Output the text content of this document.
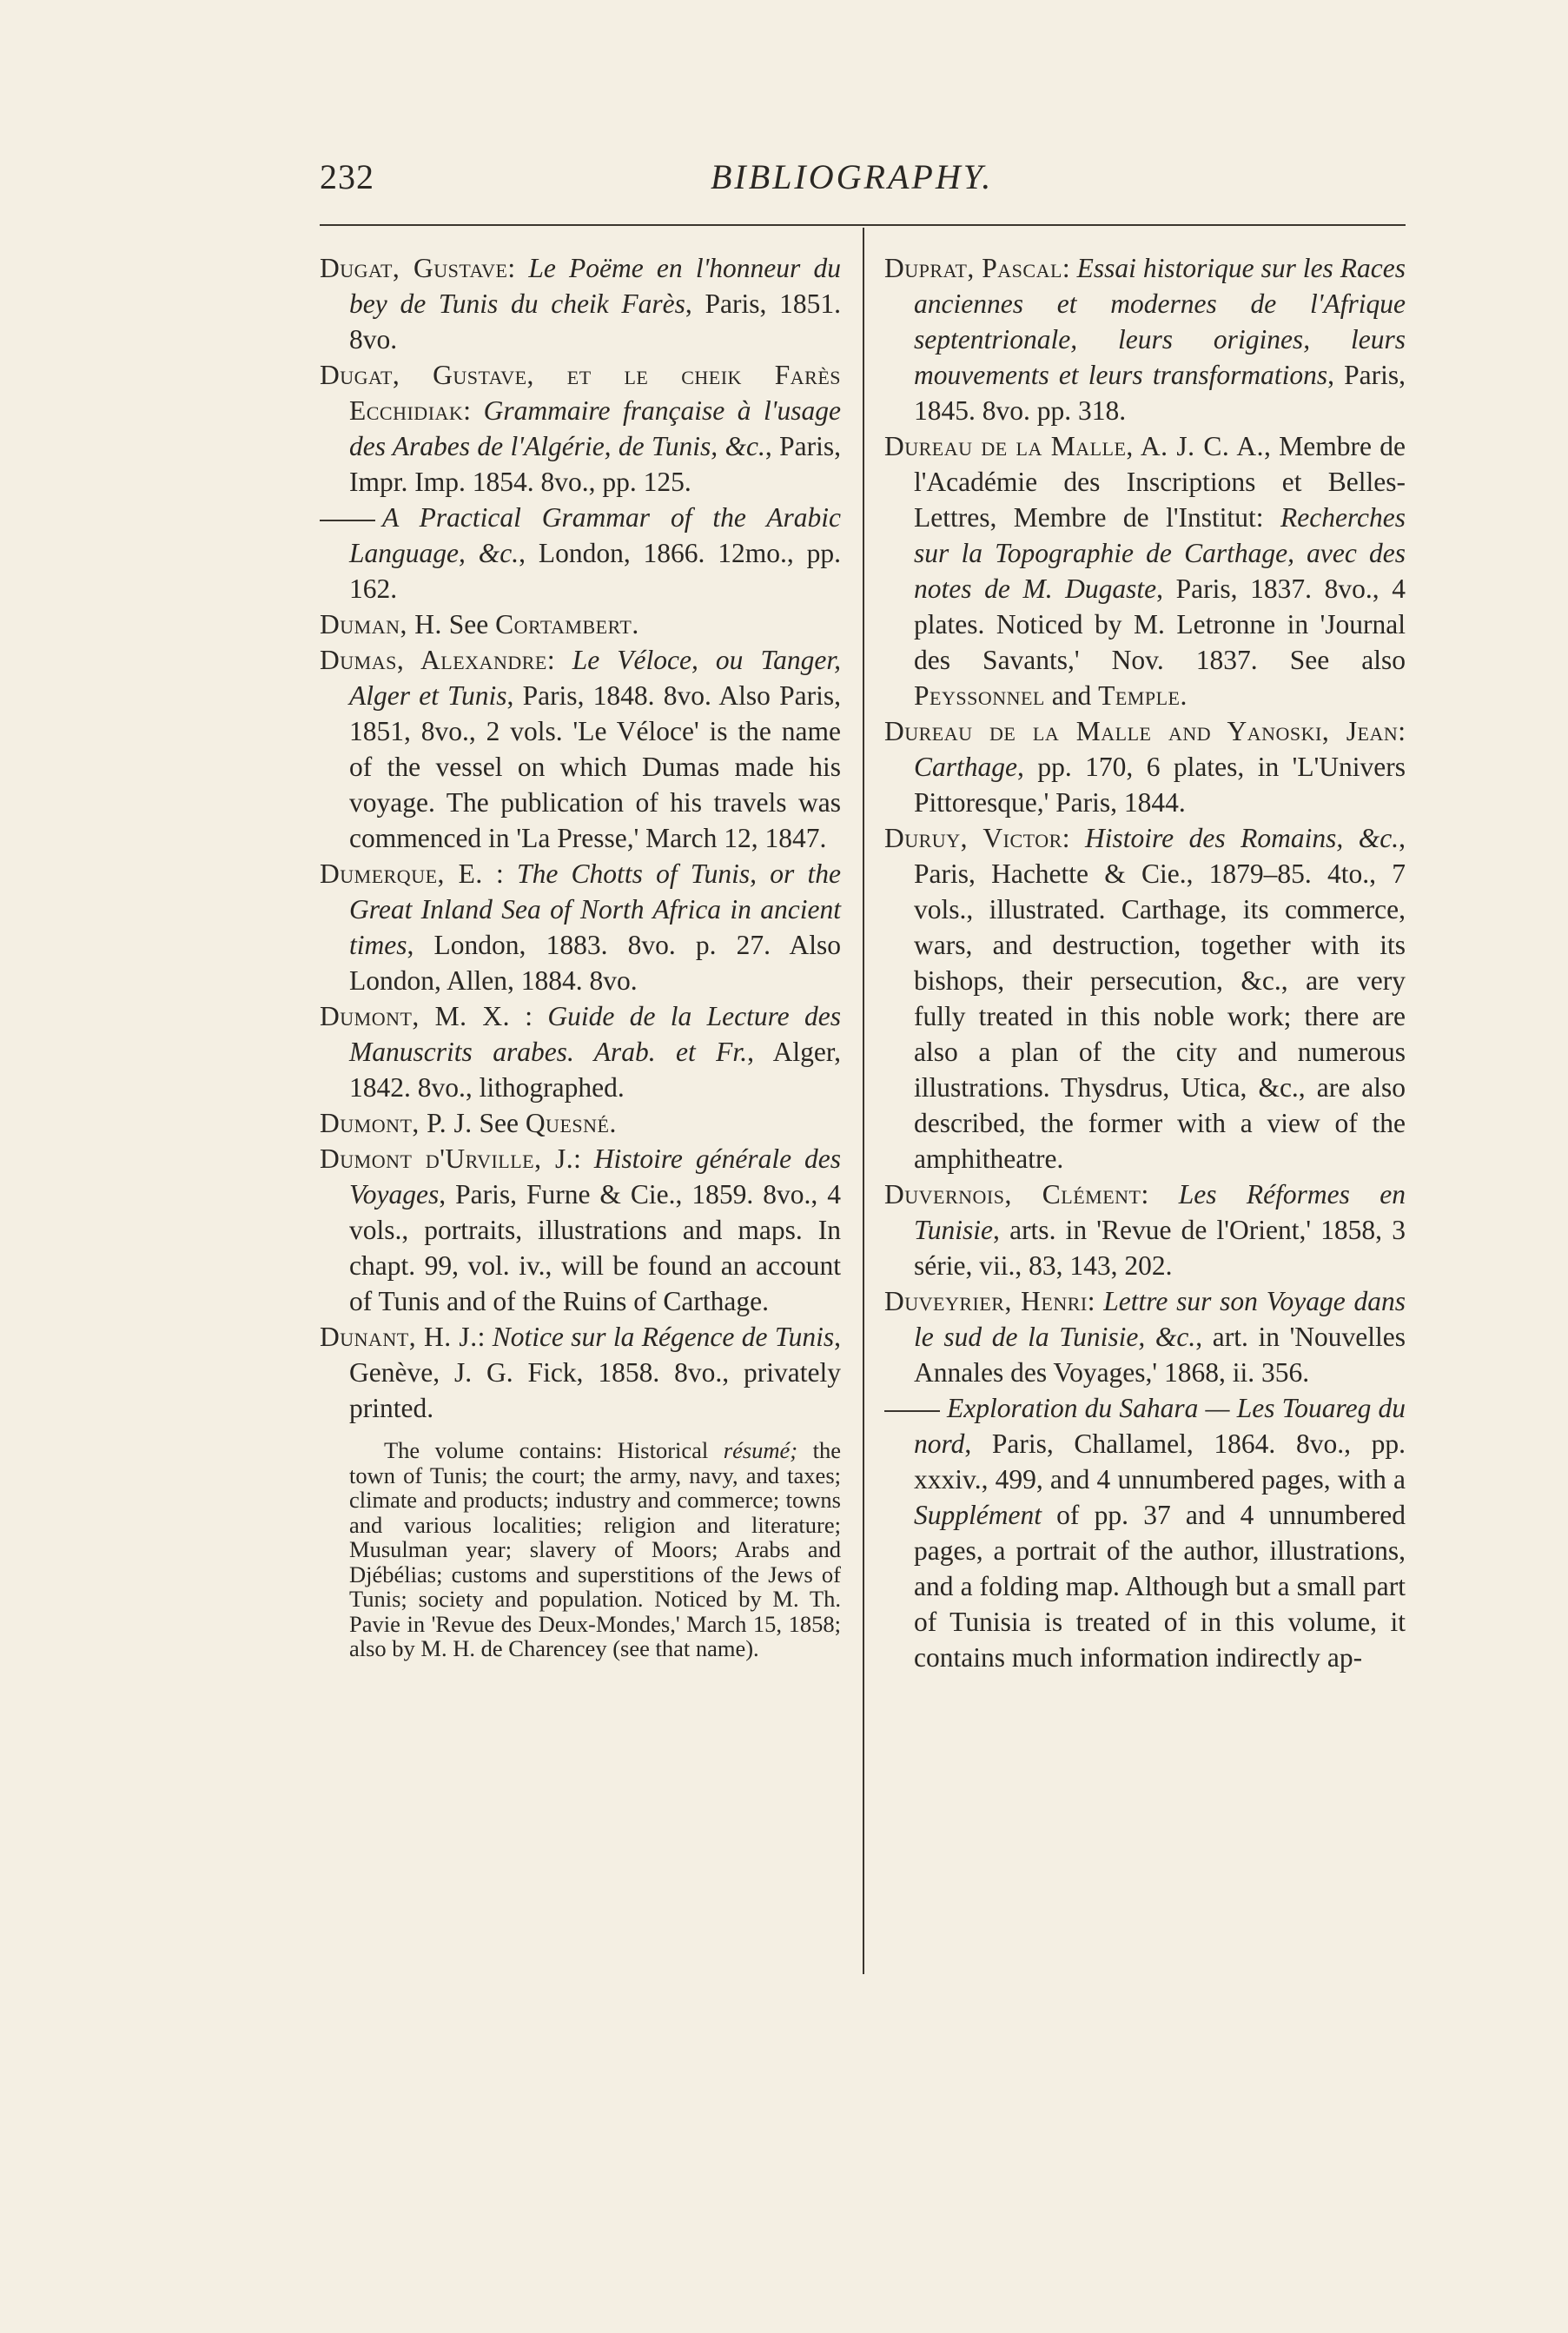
232	BIBLIOGRAPHY.

Dugat, Gustave: Le Poëme en l'honneur du bey de Tunis du cheik Farès, Paris, 1851. 8vo.

Dugat, Gustave, et le cheik Farès Ecchidiak: Grammaire française à l'usage des Arabes de l'Algérie, de Tunis, &c., Paris, Impr. Imp. 1854. 8vo., pp. 125.

A Practical Grammar of the Arabic Language, &c., London, 1866. 12mo., pp. 162.

Duman, H. See Cortambert.

Dumas, Alexandre: Le Véloce, ou Tanger, Alger et Tunis, Paris, 1848. 8vo. Also Paris, 1851, 8vo., 2 vols. 'Le Véloce' is the name of the vessel on which Dumas made his voyage. The publication of his travels was commenced in 'La Presse,' March 12, 1847.

Dumerque, E. : The Chotts of Tunis, or the Great Inland Sea of North Africa in ancient times, London, 1883. 8vo. p. 27. Also London, Allen, 1884. 8vo.

Dumont, M. X. : Guide de la Lecture des Manuscrits arabes. Arab. et Fr., Alger, 1842. 8vo., lithographed.

Dumont, P. J. See Quesné.

Dumont d'Urville, J.: Histoire générale des Voyages, Paris, Furne & Cie., 1859. 8vo., 4 vols., portraits, illustrations and maps. In chapt. 99, vol. iv., will be found an account of Tunis and of the Ruins of Carthage.

Dunant, H. J.: Notice sur la Régence de Tunis, Genève, J. G. Fick, 1858. 8vo., privately printed.

The volume contains: Historical résumé; the town of Tunis; the court; the army, navy, and taxes; climate and products; industry and commerce; towns and various localities; religion and literature; Musulman year; slavery of Moors; Arabs and Djébélias; customs and superstitions of the Jews of Tunis; society and population. Noticed by M. Th. Pavie in 'Revue des Deux-Mondes,' March 15, 1858; also by M. H. de Charencey (see that name).

Duprat, Pascal: Essai historique sur les Races anciennes et modernes de l'Afrique septentrionale, leurs origines, leurs mouvements et leurs transformations, Paris, 1845. 8vo. pp. 318.

Dureau de la Malle, A. J. C. A., Membre de l'Académie des Inscriptions et Belles-Lettres, Membre de l'Institut: Recherches sur la Topographie de Carthage, avec des notes de M. Dugaste, Paris, 1837. 8vo., 4 plates. Noticed by M. Letronne in 'Journal des Savants,' Nov. 1837. See also Peyssonnel and Temple.

Dureau de la Malle and Yanoski, Jean: Carthage, pp. 170, 6 plates, in 'L'Univers Pittoresque,' Paris, 1844.

Duruy, Victor: Histoire des Romains, &c., Paris, Hachette & Cie., 1879–85. 4to., 7 vols., illustrated. Carthage, its commerce, wars, and destruction, together with its bishops, their persecution, &c., are very fully treated in this noble work; there are also a plan of the city and numerous illustrations. Thysdrus, Utica, &c., are also described, the former with a view of the amphitheatre.

Duvernois, Clément: Les Réformes en Tunisie, arts. in 'Revue de l'Orient,' 1858, 3 série, vii., 83, 143, 202.

Duveyrier, Henri: Lettre sur son Voyage dans le sud de la Tunisie, &c., art. in 'Nouvelles Annales des Voyages,' 1868, ii. 356.

Exploration du Sahara — Les Touareg du nord, Paris, Challamel, 1864. 8vo., pp. xxxiv., 499, and 4 unnumbered pages, with a Supplément of pp. 37 and 4 unnumbered pages, a portrait of the author, illustrations, and a folding map. Although but a small part of Tunisia is treated of in this volume, it contains much information indirectly ap-
